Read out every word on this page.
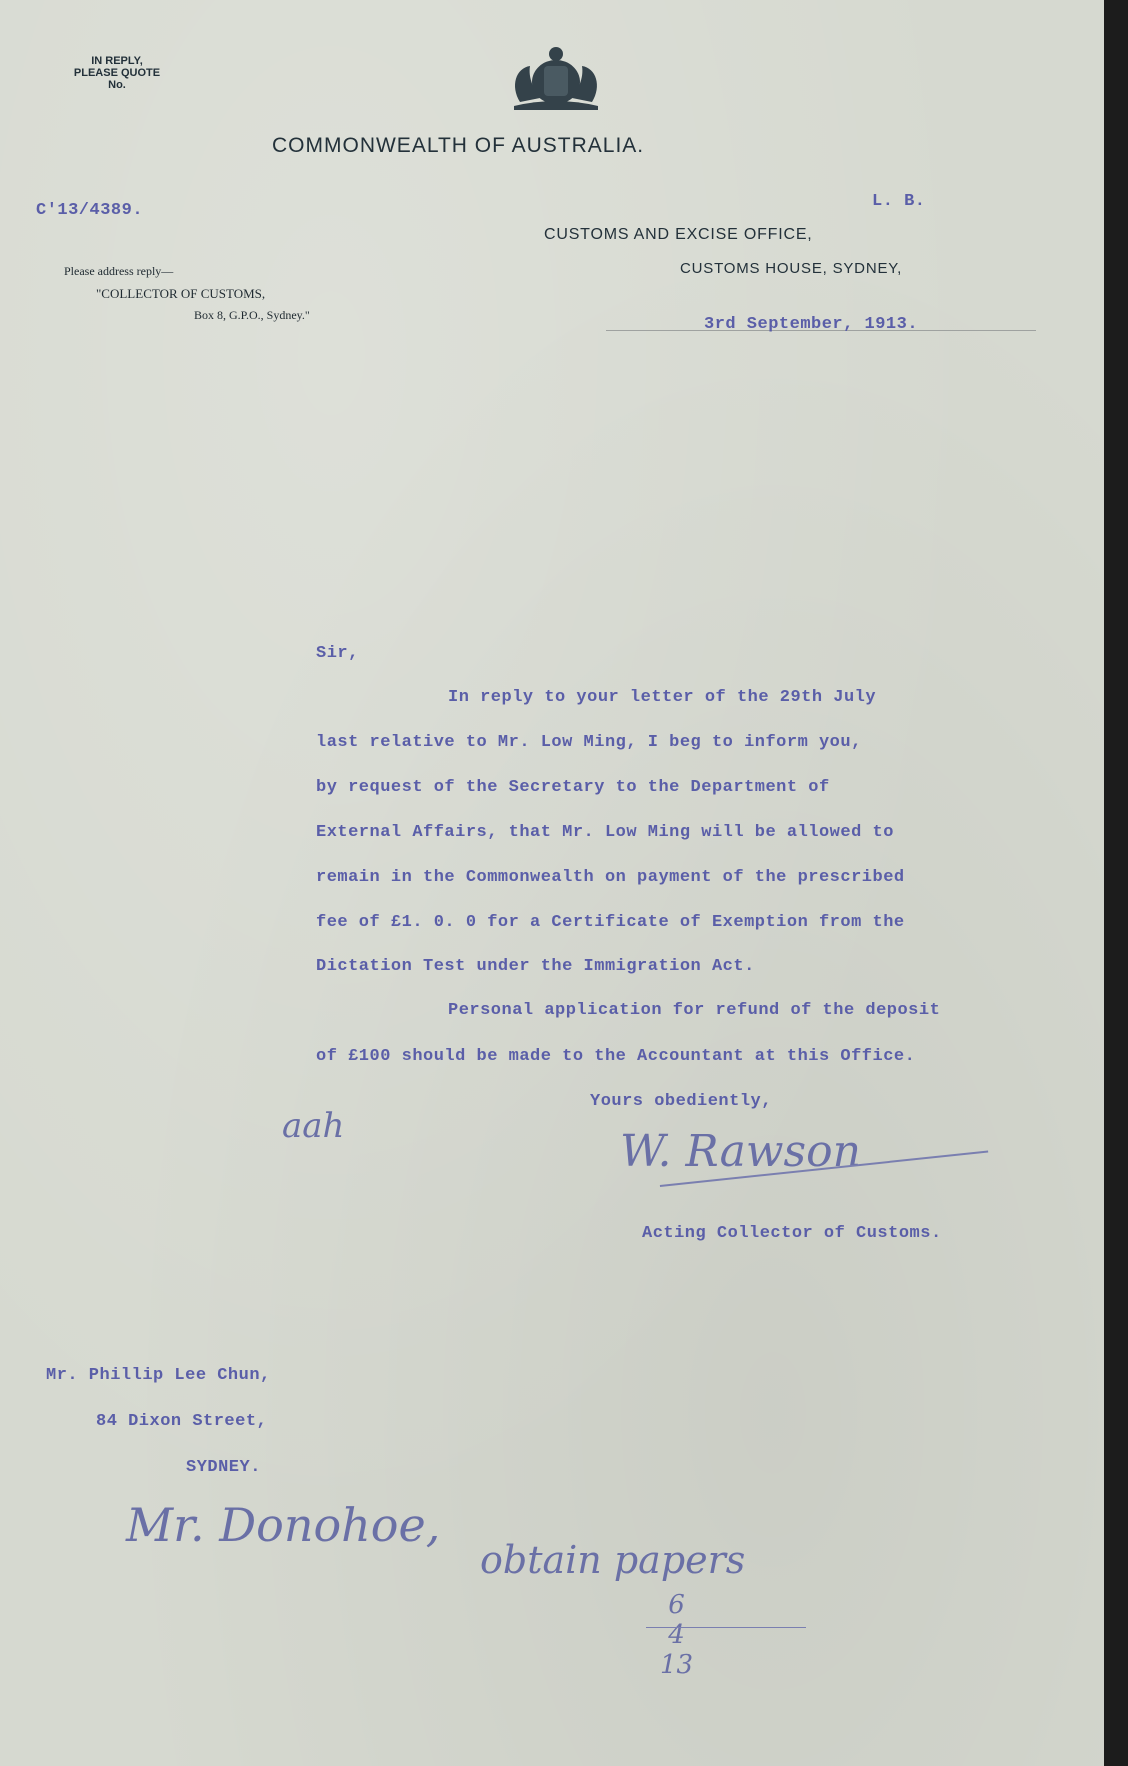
IN REPLY,
PLEASE QUOTE
No.
COMMONWEALTH OF AUSTRALIA.
C'13/4389.	L. B.
CUSTOMS AND EXCISE OFFICE,
CUSTOMS HOUSE, SYDNEY,
Please address reply—
"COLLECTOR OF CUSTOMS,
Box 8, G.P.O., Sydney."	3rd September, 1913.
Sir,
In reply to your letter of the 29th July
last relative to Mr. Low Ming, I beg to inform you,
by request of the Secretary to the Department of
External Affairs, that Mr. Low Ming will be allowed to
remain in the Commonwealth on payment of the prescribed
fee of £1. 0. 0 for a Certificate of Exemption from the
Dictation Test under the Immigration Act.
Personal application for refund of the deposit
of £100 should be made to the Accountant at this Office.
Yours obediently,
aah	W. Rawson
Acting Collector of Customs.
Mr. Phillip Lee Chun,
84 Dixon Street,
SYDNEY.
Mr. Donohoe,
obtain papers
6
4
13
